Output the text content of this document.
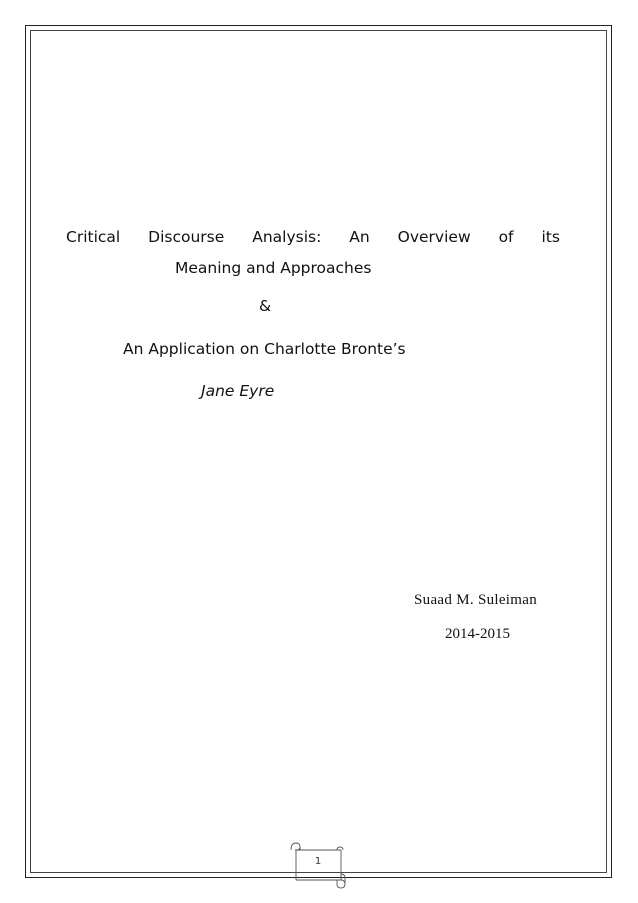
Critical Discourse Analysis: An Overview of its
Meaning and Approaches
&
An Application on Charlotte Bronte’s
Jane Eyre
Suaad M. Suleiman
2014-2015
1
